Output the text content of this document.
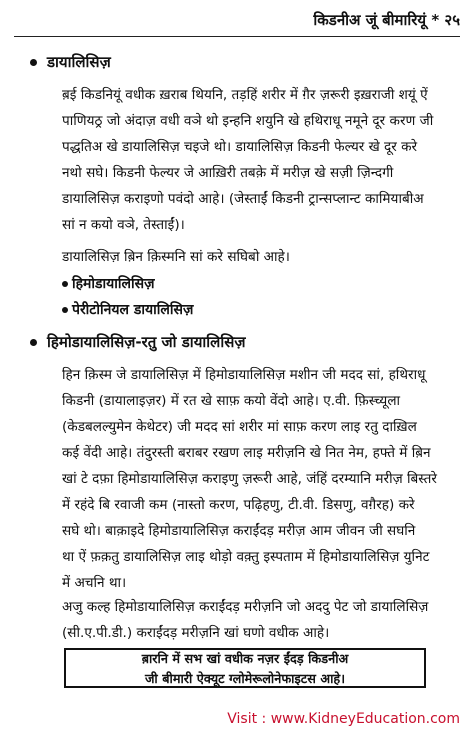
किडनीअ जूं बीमारियूं * २५
डायालिसिज़
ब़ई किडनियूं वधीक ख़राब थियनि, तड़हिं शरीर में ग़ैर ज़रूरी इख़राजी शयूं ऐं
पाणियठ्र जो अंदाज़ वधी वञे थो इन्हनि शयुनि खे हथिराधू नमूने दूर करण जी
पद्धतिअ खे डायालिसिज़ चइजे थो। डायालिसिज़ किडनी फेल्यर खे दूर करे
नथो सघे। किडनी फेल्यर जे आख़िरी तबक़े में मरीज़ खे सज़ी ज़िन्दगी
डायालिसिज़ कराइणो पवंदो आहे। (जेस्ताईं किडनी ट्रान्सप्लान्ट कामियाबीअ
सां न कयो वञे, तेस्ताईं)।
डायालिसिज़ ब़िन क़िस्मनि सां करे सघिबो आहे।
हिमोडायालिसिज़
पेरीटोनियल डायालिसिज़
हिमोडायालिसिज़-रतु जो डायालिसिज़
हिन क़िस्म जे डायालिसिज़ में हिमोडायालिसिज़ मशीन जी मदद सां, हथिराधू
किडनी (डायालाइज़र) में रत खे साफ़ कयो वेंदो आहे। ए.वी. फ़िस्च्यूला
(केडबलल्युमेन केथेटर) जी मदद सां शरीर मां साफ़ करण लाइ रतु दाख़िल
कई वेंदी आहे। तंदुरस्ती बराबर रखण लाइ मरीज़नि खे नित नेम, हफ्ते में ब़िन
खां टे दफ़ा हिमोडायालिसिज़ कराइणु ज़रूरी आहे, जंहिं दरम्यानि मरीज़ बिस्तरे
में रहंदे बि रवाजी कम (नास्तो करण, पढ़िहणु, टी.वी. डिसणु, वग़ैरह) करे
सघे थो। बाक़ाइदे हिमोडायालिसिज़ कराईंदड़ मरीज़ आम जीवन जी सघनि
था ऐं फ़क़तु डायालिसिज़ लाइ थोड़ो वक़्तु इस्पताम में हिमोडायालिसिज़ युनिट
में अचनि था।
अजु कल्ह हिमोडायालिसिज़ कराईंदड़ मरीज़नि जो अददु पेट जो डायालिसिज़
(सी.ए.पी.डी.) कराईंदड़ मरीज़नि खां घणो वधीक आहे।
ब़ारनि में सभ खां वधीक नज़र ईंदड़ किडनीअ
जी बीमारी ऐक्यूट ग्लोमेरूलोनेफाइटस आहे।
Visit : www.KidneyEducation.com
